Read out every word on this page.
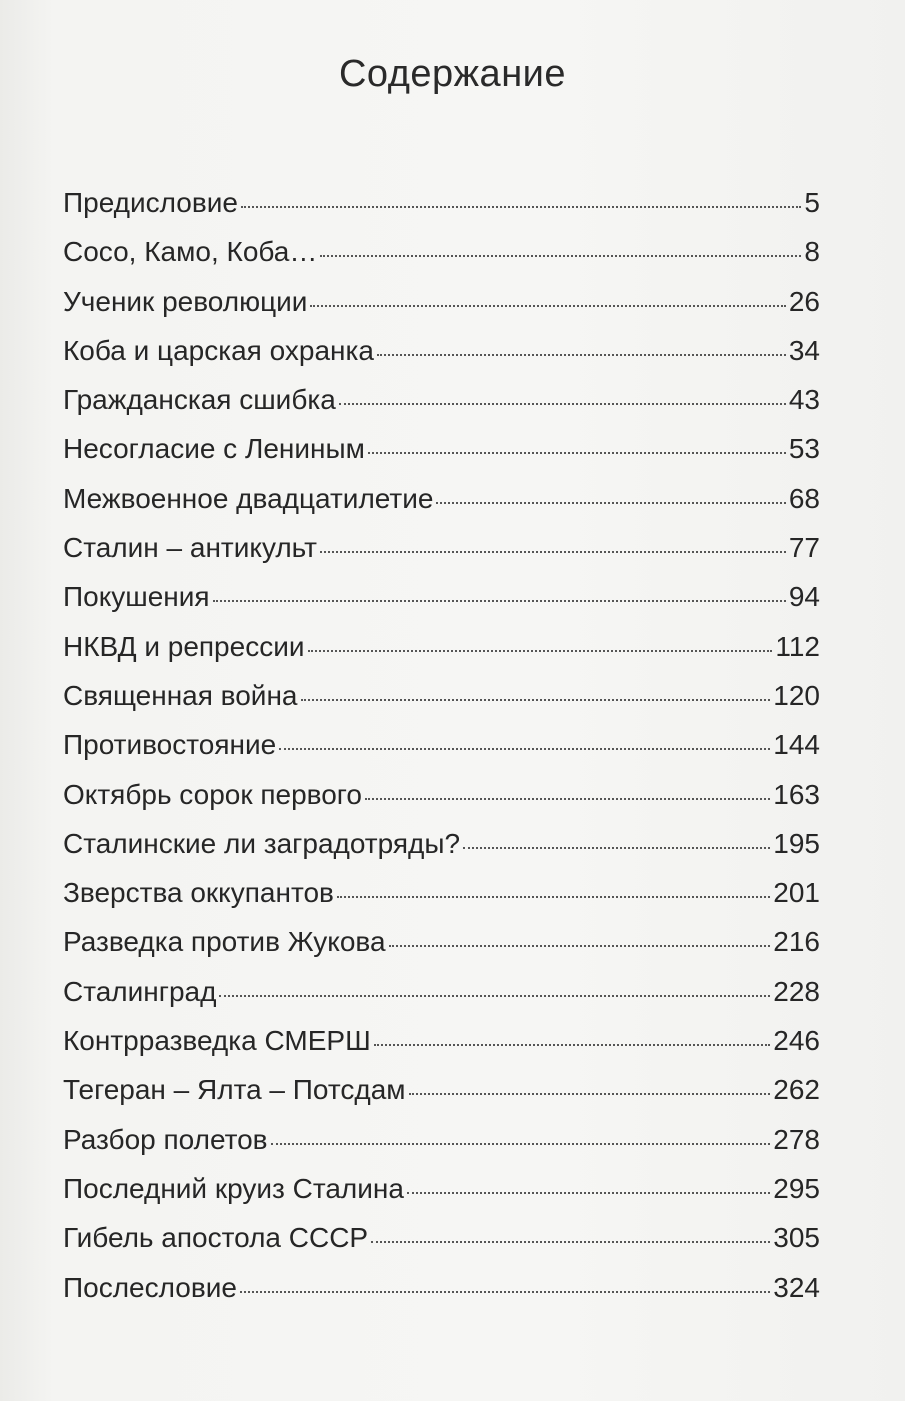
Содержание
Предисловие	5
Сосо, Камо, Коба…	8
Ученик революции	26
Коба и царская охранка	34
Гражданская сшибка	43
Несогласие с Лениным	53
Межвоенное двадцатилетие	68
Сталин – антикульт	77
Покушения	94
НКВД и репрессии	112
Священная война	120
Противостояние	144
Октябрь сорок первого	163
Сталинские ли заградотряды?	195
Зверства оккупантов	201
Разведка против Жукова	216
Сталинград	228
Контрразведка СМЕРШ	246
Тегеран – Ялта – Потсдам	262
Разбор полетов	278
Последний круиз Сталина	295
Гибель апостола СССР	305
Послесловие	324
